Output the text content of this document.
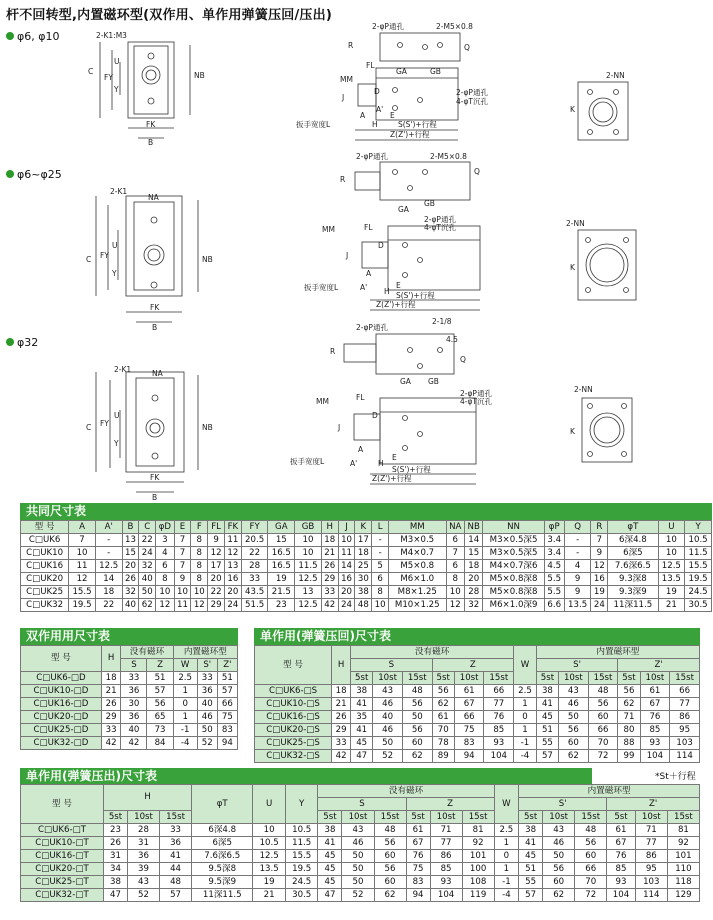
杆不回转型,内置磁环型(双作用、单作用弹簧压回/压出)
φ6, φ10
φ6~φ25
φ32
2-K1:M3
C
FY
U
Y
NB
FK
B
2-φP通孔	2-M5×0.8
R	Q
GA	GB
MM
FL
2-φP通孔
4-φT沉孔
J
D
H
A	E
A'
S(S')+行程
Z(Z')+行程
扳手宽度L
2-NN
K
2-K1
NA
C FY
U
Y
NB
FK
B
2-φP通孔	2-M5×0.8
R
Q
GA
GB
MM	FL
2-φP通孔
4-φT沉孔
J
D
A
H
E
A'
S(S')+行程
Z(Z')+行程
扳手宽度L
2-NN
K
2-K1	NA
C FY
U
Y
NB
FK
B
2-φP通孔
2-1/8
R
Q
4.5
GA GB
MM	FL	2-φP通孔
4-φT沉孔
J
D
A
H
E
A'
S(S')+行程
Z(Z')+行程
扳手宽度L
2-NN
K
共同尺寸表
型 号	A	A'	B	C	φD	E	F	FL	FK	FY	GA	GB	H	J	K	L	MM	NA	NB	NN	φP	Q	R	φT	U	Y
C□UK6	7	-	13	22	3	7	8	9	11	20.5	15	10	18	10	17	-	M3×0.5	6	14	M3×0.5深5	3.4	-	7	6深4.8	10	10.5
C□UK10	10	-	15	24	4	7	8	12	12	22	16.5	10	21	11	18	-	M4×0.7	7	15	M3×0.5深5	3.4	-	9	6深5	10	11.5
C□UK16	11	12.5	20	32	6	7	8	17	13	28	16.5	11.5	26	14	25	5	M5×0.8	6	18	M4×0.7深6	4.5	4	12	7.6深6.5	12.5	15.5
C□UK20	12	14	26	40	8	9	8	20	16	33	19	12.5	29	16	30	6	M6×1.0	8	20	M5×0.8深8	5.5	9	16	9.3深8	13.5	19.5
C□UK25	15.5	18	32	50	10	10	10	22	20	43.5	21.5	13	33	20	38	8	M8×1.25	10	28	M5×0.8深8	5.5	9	19	9.3深9	19	24.5
C□UK32	19.5	22	40	62	12	11	12	29	24	51.5	23	12.5	42	24	48	10	M10×1.25	12	32	M6×1.0深9	6.6	13.5	24	11深11.5	21	30.5
双作用用尺寸表
型 号	H	没有磁环		内置磁环型		
		S	Z	W	S'	Z'
C□UK6-□D	18	33	51	2.5	33	51
C□UK10-□D	21	36	57	1	36	57
C□UK16-□D	26	30	56	0	40	66
C□UK20-□D	29	36	65	1	46	75
C□UK25-□D	33	40	73	-1	50	83
C□UK32-□D	42	42	84	-4	52	94
单作用(弹簧压回)尺寸表
型 号	H	没有磁环						W	内置磁环型					
		S			Z				S'			Z'		
		5st	10st	15st	5st	10st	15st		5st	10st	15st	5st	10st	15st
C□UK6-□S	18	38	43	48	56	61	66	2.5	38	43	48	56	61	66
C□UK10-□S	21	41	46	56	62	67	77	1	41	46	56	62	67	77
C□UK16-□S	26	35	40	50	61	66	76	0	45	50	60	71	76	86
C□UK20-□S	29	41	46	56	70	75	85	1	51	56	66	80	85	95
C□UK25-□S	33	45	50	60	78	83	93	-1	55	60	70	88	93	103
C□UK32-□S	42	47	52	62	89	94	104	-4	57	62	72	99	104	114
单作用(弹簧压出)尺寸表	*St＋行程
型 号	H			φT	U	Y	没有磁环						W	内置磁环型					
							S			Z				S'			Z'		
	5st	10st	15st				5st	10st	15st	5st	10st	15st		5st	10st	15st	5st	10st	15st
C□UK6-□T	23	28	33	6深4.8	10	10.5	38	43	48	61	71	81	2.5	38	43	48	61	71	81
C□UK10-□T	26	31	36	6深5	10.5	11.5	41	46	56	67	77	92	1	41	46	56	67	77	92
C□UK16-□T	31	36	41	7.6深6.5	12.5	15.5	45	50	60	76	86	101	0	45	50	60	76	86	101
C□UK20-□T	34	39	44	9.5深8	13.5	19.5	45	50	56	75	85	100	1	51	56	66	85	95	110
C□UK25-□T	38	43	48	9.5深9	19	24.5	45	50	60	83	93	108	-1	55	60	70	93	103	118
C□UK32-□T	47	52	57	11深11.5	21	30.5	47	52	62	94	104	119	-4	57	62	72	104	114	129
